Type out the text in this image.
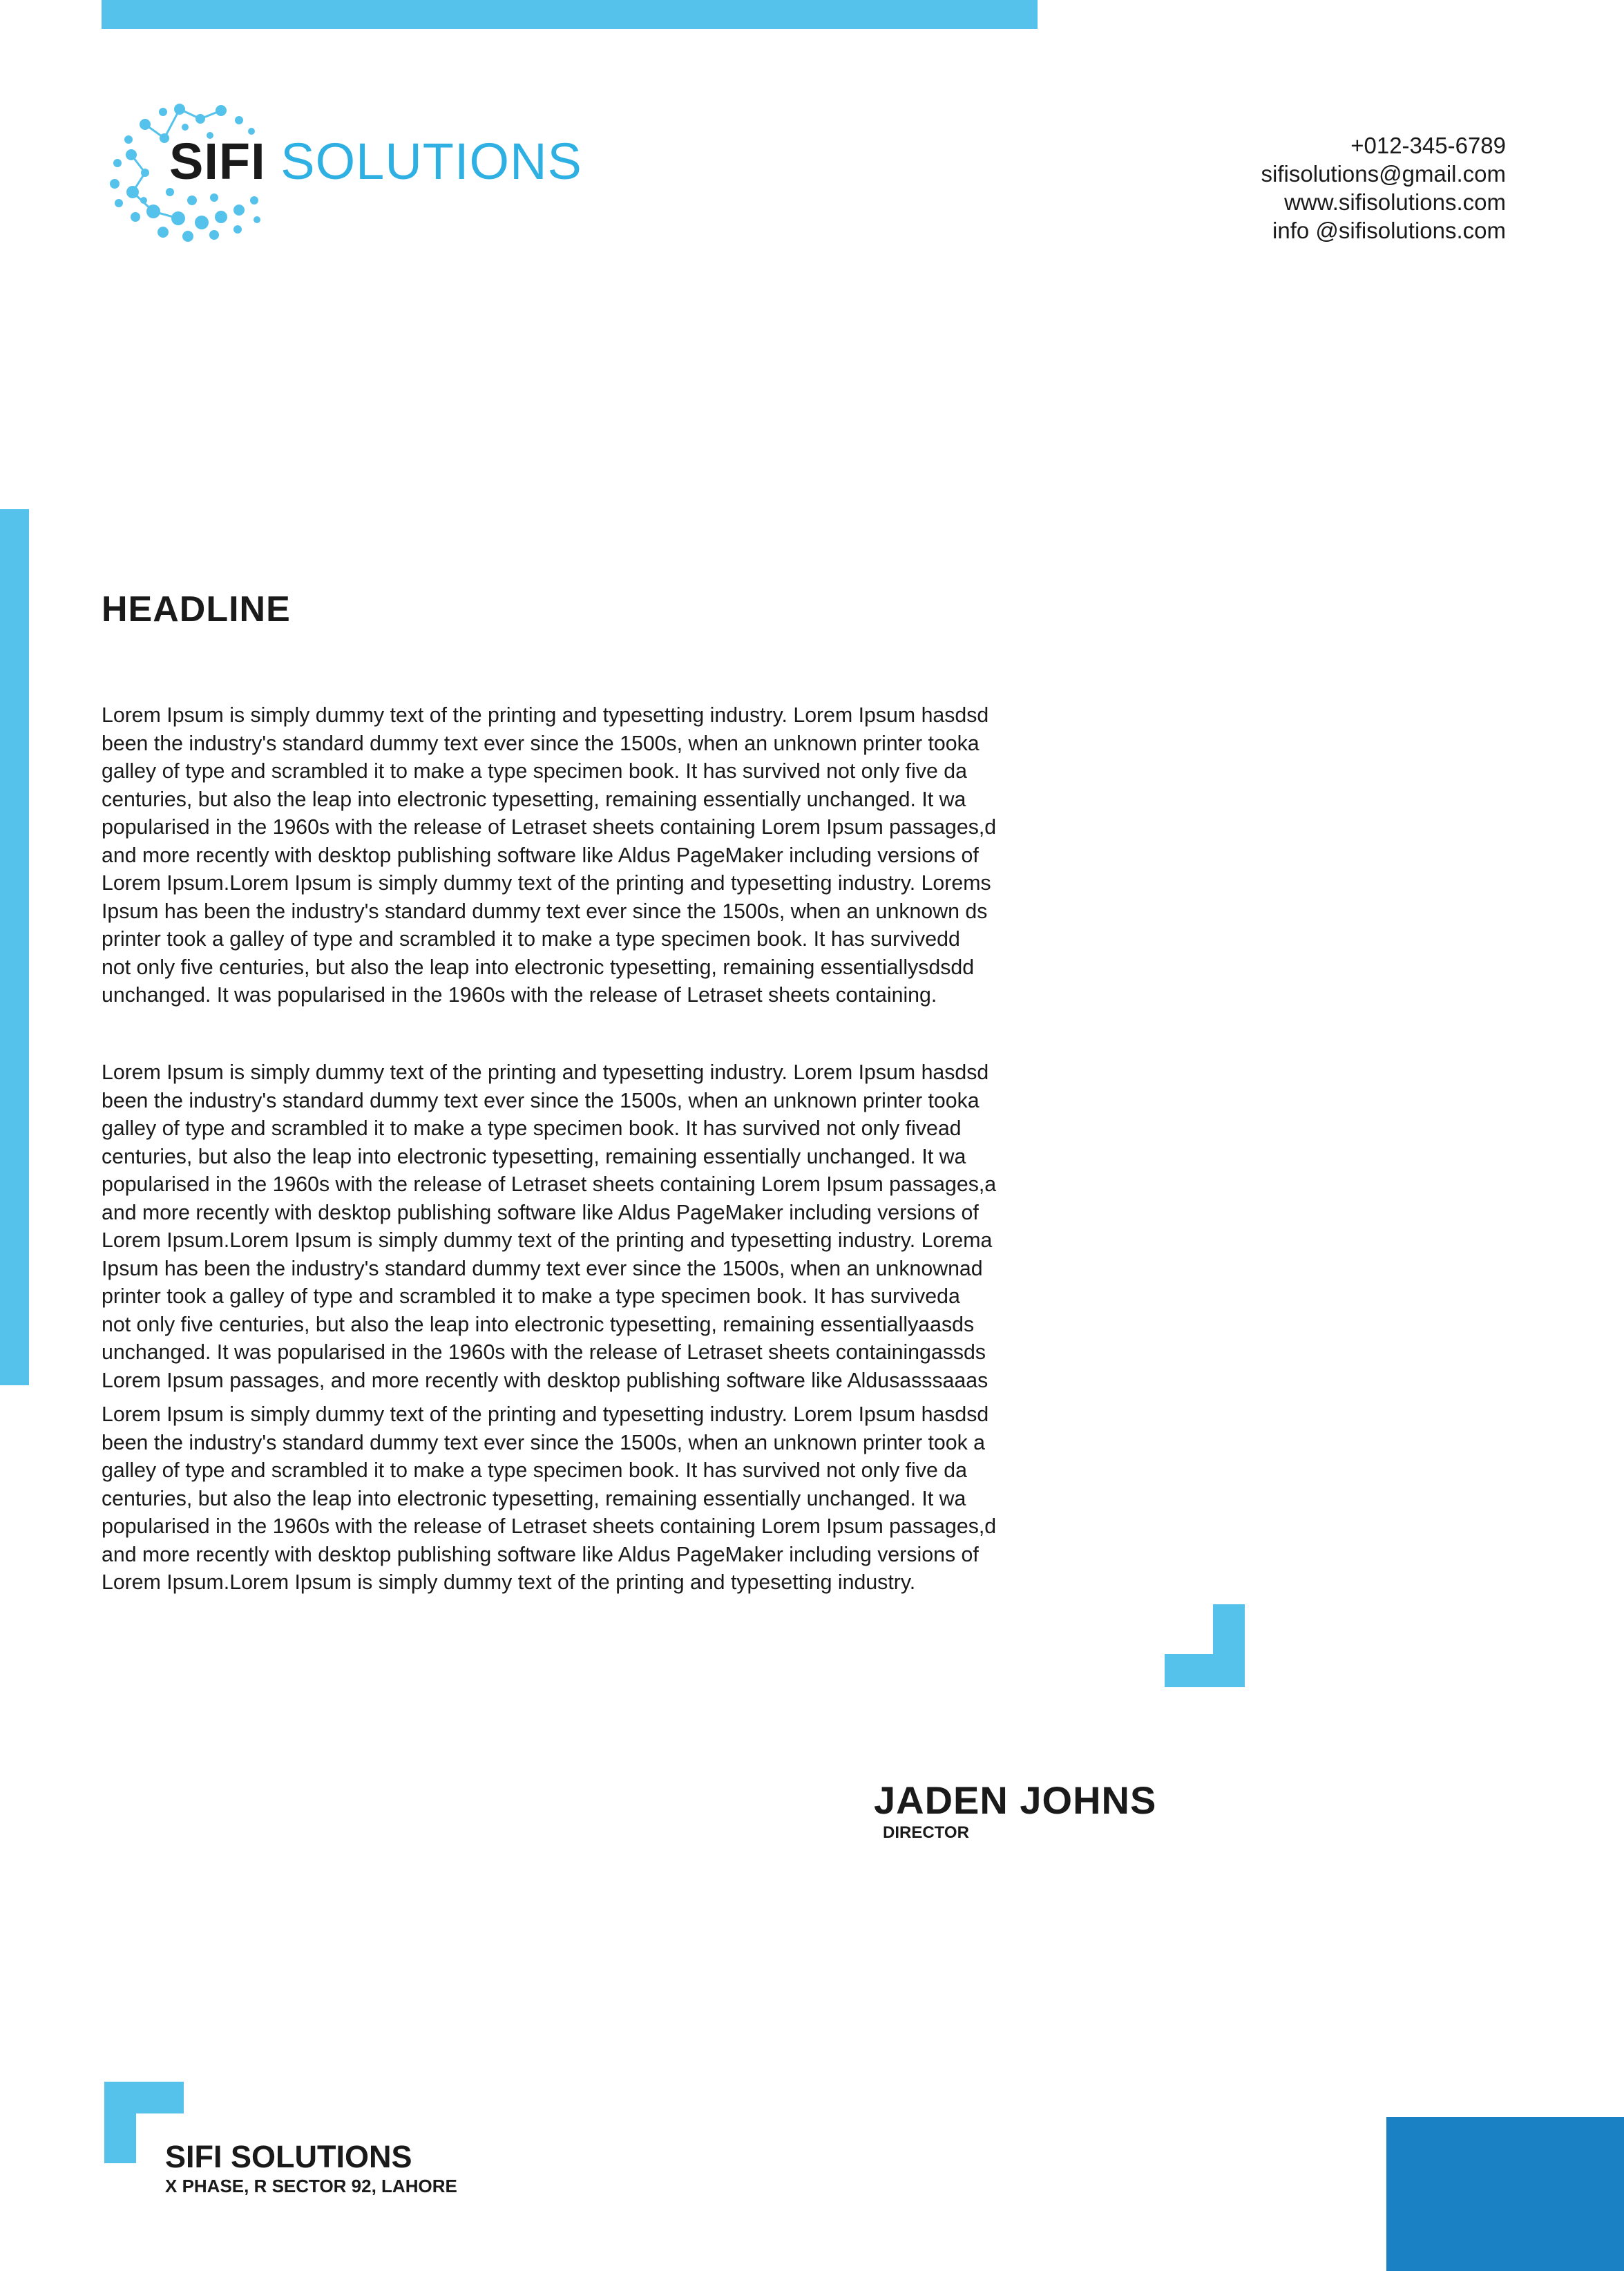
SIFI SOLUTIONS	+012-345-6789
sifisolutions@gmail.com
www.sifisolutions.com
info @sifisolutions.com
HEADLINE
Lorem Ipsum is simply dummy text of the printing and typesetting industry. Lorem Ipsum hasdsd
been the industry's standard dummy text ever since the 1500s, when an unknown printer tooka
galley of type and scrambled it to make a type specimen book. It has survived not only five da
centuries, but also the leap into electronic typesetting, remaining essentially unchanged. It wa
popularised in the 1960s with the release of Letraset sheets containing Lorem Ipsum passages,d
and more recently with desktop publishing software like Aldus PageMaker including versions of
Lorem Ipsum.Lorem Ipsum is simply dummy text of the printing and typesetting industry. Lorems
Ipsum has been the industry's standard dummy text ever since the 1500s, when an unknown ds
printer took a galley of type and scrambled it to make a type specimen book. It has survivedd
not only five centuries, but also the leap into electronic typesetting, remaining essentiallysdsdd
unchanged. It was popularised in the 1960s with the release of Letraset sheets containing.
Lorem Ipsum is simply dummy text of the printing and typesetting industry. Lorem Ipsum hasdsd
been the industry's standard dummy text ever since the 1500s, when an unknown printer tooka
galley of type and scrambled it to make a type specimen book. It has survived not only fivead
centuries, but also the leap into electronic typesetting, remaining essentially unchanged. It wa
popularised in the 1960s with the release of Letraset sheets containing Lorem Ipsum passages,a
and more recently with desktop publishing software like Aldus PageMaker including versions of
Lorem Ipsum.Lorem Ipsum is simply dummy text of the printing and typesetting industry. Lorema
Ipsum has been the industry's standard dummy text ever since the 1500s, when an unknownad
printer took a galley of type and scrambled it to make a type specimen book. It has surviveda
not only five centuries, but also the leap into electronic typesetting, remaining essentiallyaasds
unchanged. It was popularised in the 1960s with the release of Letraset sheets containingassds
Lorem Ipsum passages, and more recently with desktop publishing software like Aldusasssaaas
Lorem Ipsum is simply dummy text of the printing and typesetting industry. Lorem Ipsum hasdsd
been the industry's standard dummy text ever since the 1500s, when an unknown printer took a
galley of type and scrambled it to make a type specimen book. It has survived not only five da
centuries, but also the leap into electronic typesetting, remaining essentially unchanged. It wa
popularised in the 1960s with the release of Letraset sheets containing Lorem Ipsum passages,d
and more recently with desktop publishing software like Aldus PageMaker including versions of
Lorem Ipsum.Lorem Ipsum is simply dummy text of the printing and typesetting industry.
JADEN JOHNS
DIRECTOR
SIFI SOLUTIONS
X PHASE, R SECTOR 92, LAHORE
